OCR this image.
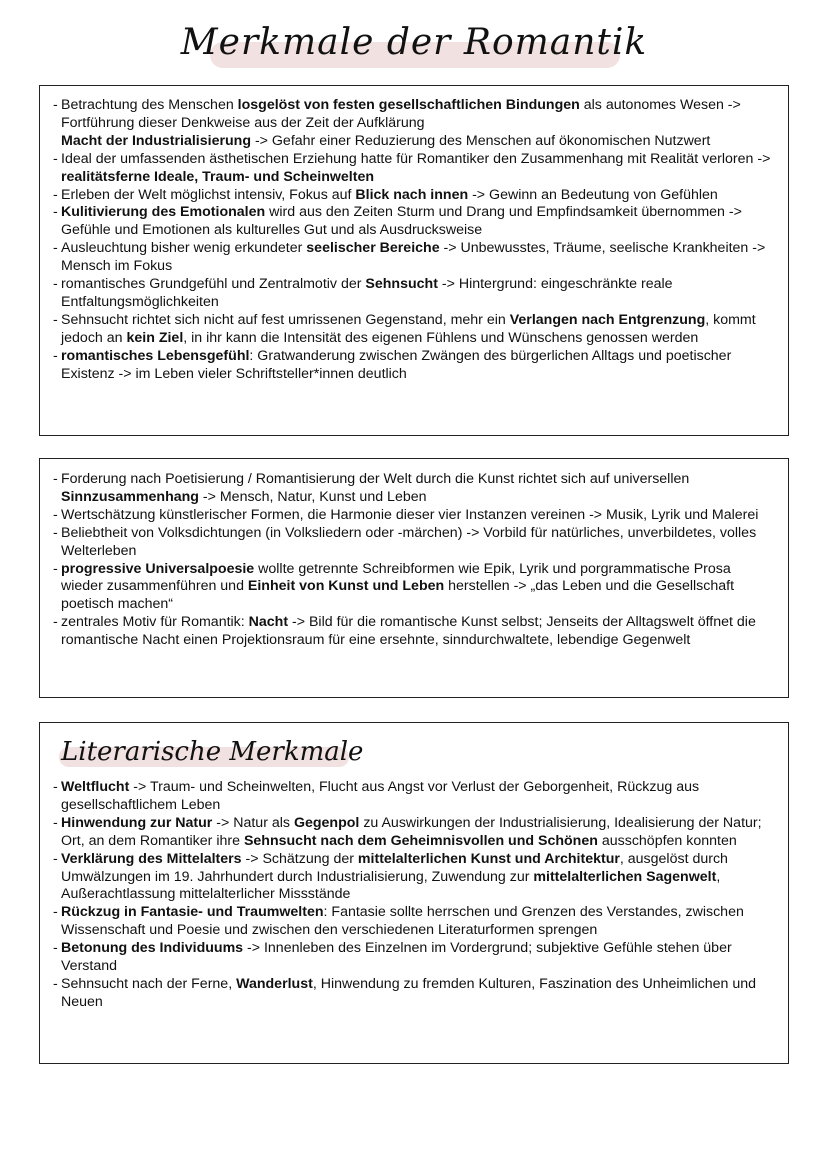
Merkmale der Romantik
- Betrachtung des Menschen losgelöst von festen gesellschaftlichen Bindungen als autonomes Wesen -> Fortführung dieser Denkweise aus der Zeit der Aufklärung
Macht der Industrialisierung -> Gefahr einer Reduzierung des Menschen auf ökonomischen Nutzwert
- Ideal der umfassenden ästhetischen Erziehung hatte für Romantiker den Zusammenhang mit Realität verloren -> realitätsferne Ideale, Traum- und Scheinwelten
- Erleben der Welt möglichst intensiv, Fokus auf Blick nach innen -> Gewinn an Bedeutung von Gefühlen
- Kulitivierung des Emotionalen wird aus den Zeiten Sturm und Drang und Empfindsamkeit übernommen -> Gefühle und Emotionen als kulturelles Gut und als Ausdrucksweise
- Ausleuchtung bisher wenig erkundeter seelischer Bereiche -> Unbewusstes, Träume, seelische Krankheiten -> Mensch im Fokus
- romantisches Grundgefühl und Zentralmotiv der Sehnsucht -> Hintergrund: eingeschränkte reale Entfaltungsmöglichkeiten
- Sehnsucht richtet sich nicht auf fest umrissenen Gegenstand, mehr ein Verlangen nach Entgrenzung, kommt jedoch an kein Ziel, in ihr kann die Intensität des eigenen Fühlens und Wünschens genossen werden
- romantisches Lebensgefühl: Gratwanderung zwischen Zwängen des bürgerlichen Alltags und poetischer Existenz -> im Leben vieler Schriftsteller*innen deutlich
- Forderung nach Poetisierung / Romantisierung der Welt durch die Kunst richtet sich auf universellen Sinnzusammenhang -> Mensch, Natur, Kunst und Leben
- Wertschätzung künstlerischer Formen, die Harmonie dieser vier Instanzen vereinen -> Musik, Lyrik und Malerei
- Beliebtheit von Volksdichtungen (in Volksliedern oder -märchen) -> Vorbild für natürliches, unverbildetes, volles Welterleben
- progressive Universalpoesie wollte getrennte Schreibformen wie Epik, Lyrik und porgrammatische Prosa wieder zusammenführen und Einheit von Kunst und Leben herstellen -> „das Leben und die Gesellschaft poetisch machen“
- zentrales Motiv für Romantik: Nacht -> Bild für die romantische Kunst selbst; Jenseits der Alltagswelt öffnet die romantische Nacht einen Projektionsraum für eine ersehnte, sinndurchwaltete, lebendige Gegenwelt
Literarische Merkmale
- Weltflucht -> Traum- und Scheinwelten, Flucht aus Angst vor Verlust der Geborgenheit, Rückzug aus gesellschaftlichem Leben
- Hinwendung zur Natur -> Natur als Gegenpol zu Auswirkungen der Industrialisierung, Idealisierung der Natur;
Ort, an dem Romantiker ihre Sehnsucht nach dem Geheimnisvollen und Schönen ausschöpfen konnten
- Verklärung des Mittelalters -> Schätzung der mittelalterlichen Kunst und Architektur, ausgelöst durch Umwälzungen im 19. Jahrhundert durch Industrialisierung, Zuwendung zur mittelalterlichen Sagenwelt, Außerachtlassung mittelalterlicher Missstände
- Rückzug in Fantasie- und Traumwelten: Fantasie sollte herrschen und Grenzen des Verstandes, zwischen Wissenschaft und Poesie und zwischen den verschiedenen Literaturformen sprengen
- Betonung des Individuums -> Innenleben des Einzelnen im Vordergrund; subjektive Gefühle stehen über Verstand
- Sehnsucht nach der Ferne, Wanderlust, Hinwendung zu fremden Kulturen, Faszination des Unheimlichen und Neuen
